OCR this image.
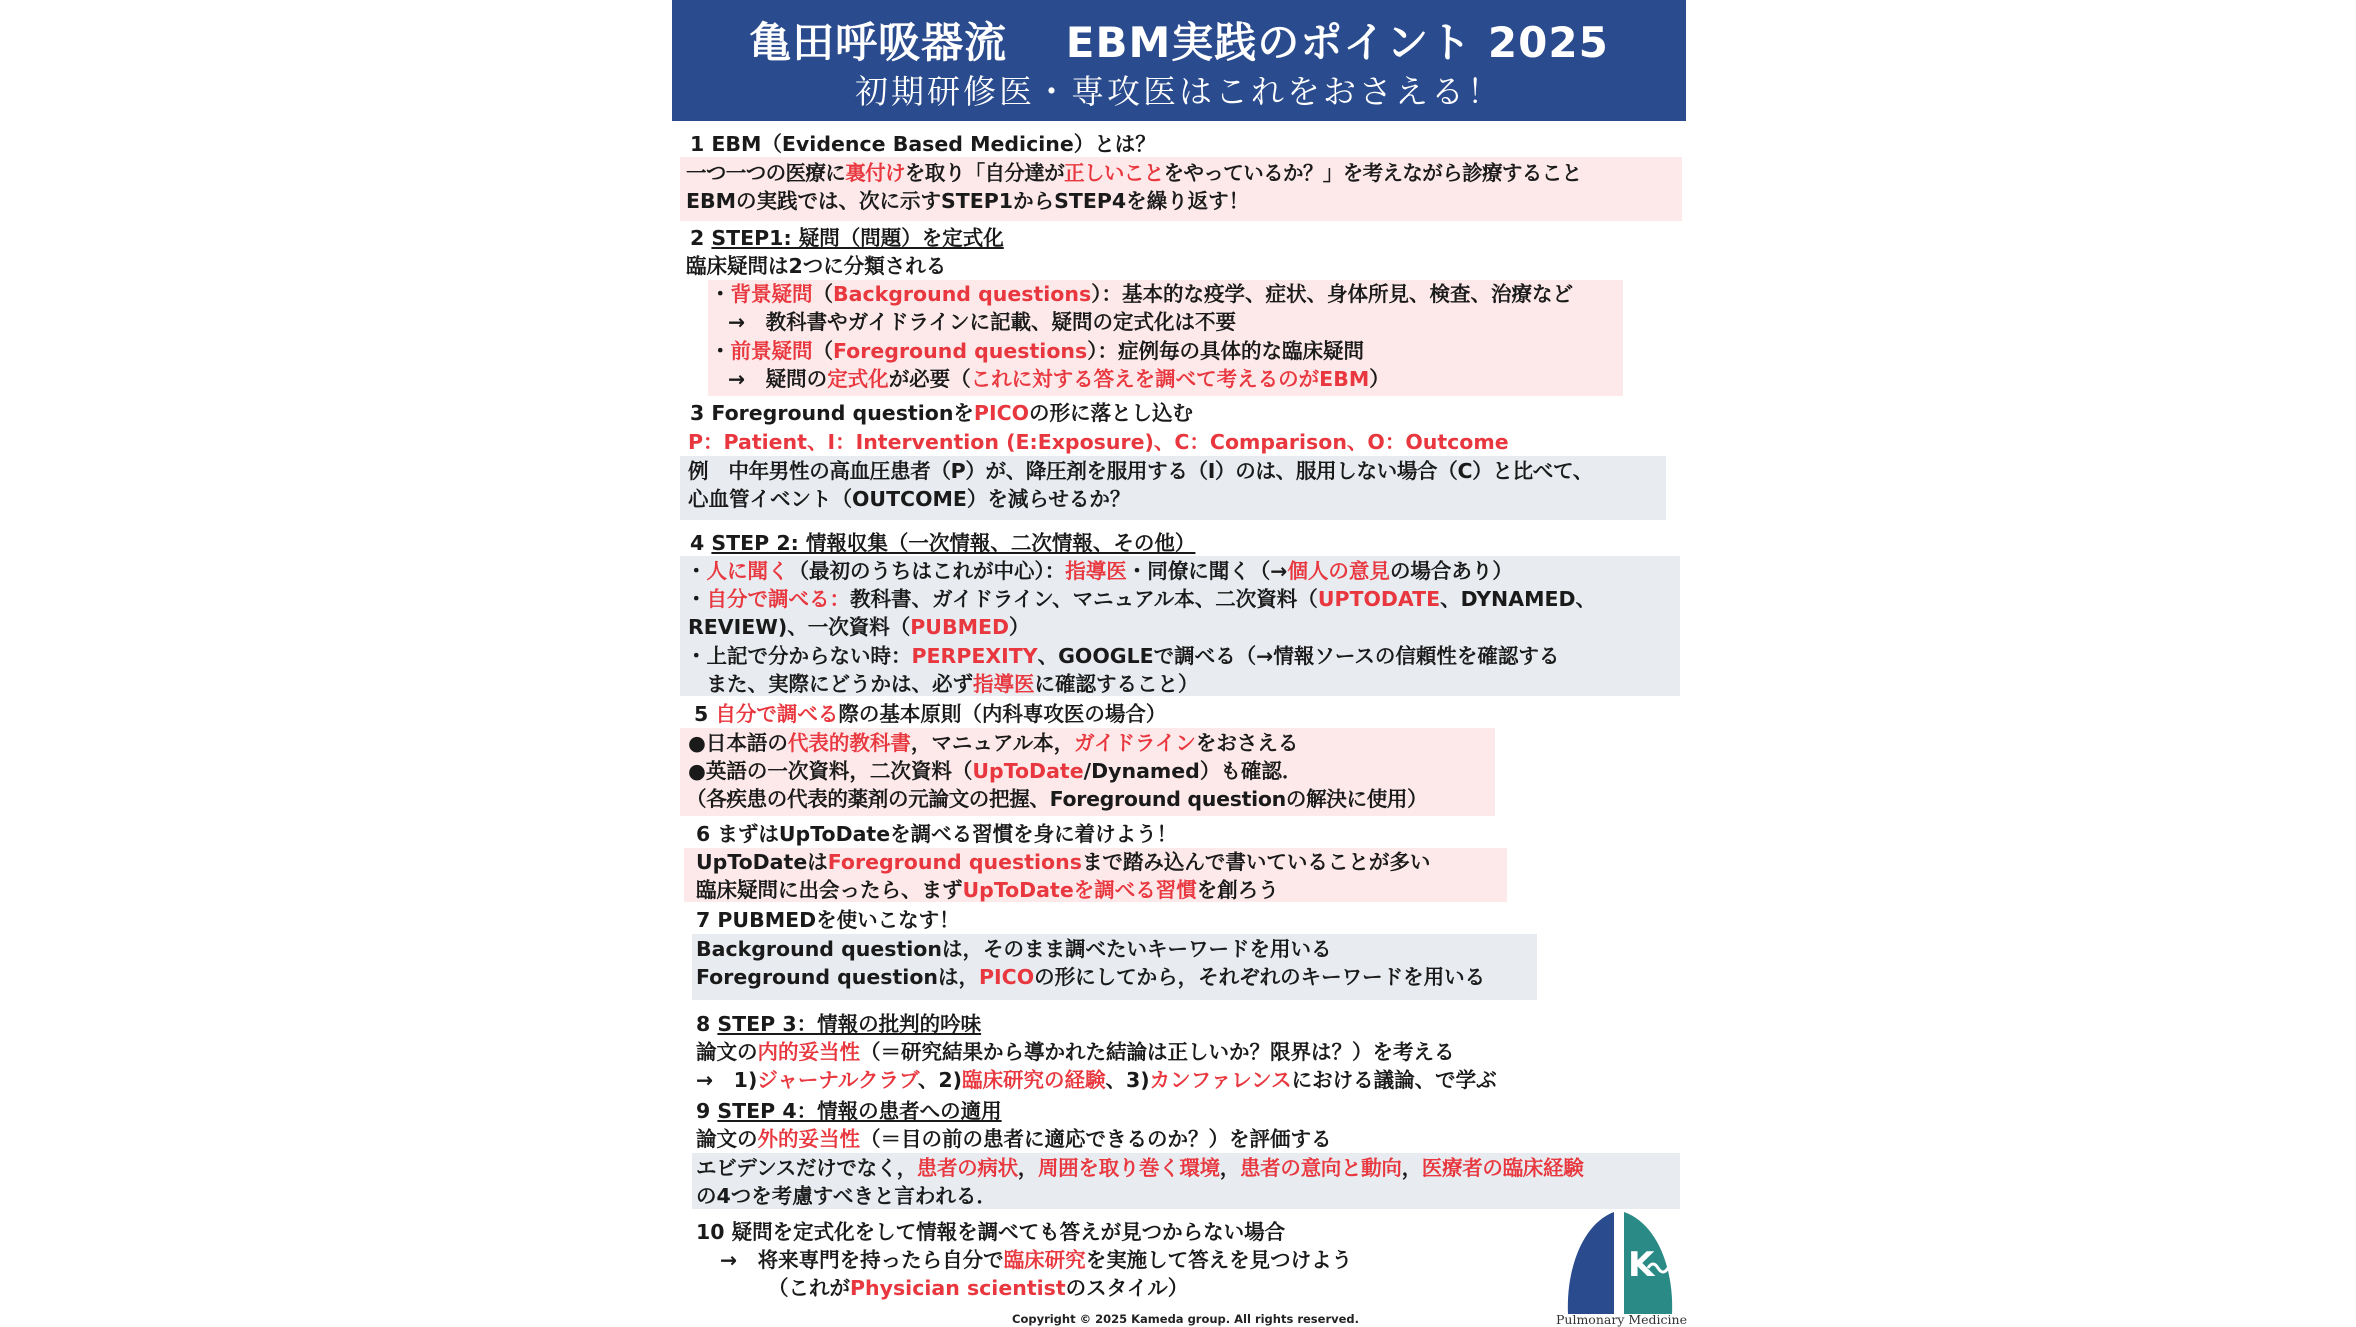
亀田呼吸器流　 EBM実践のポイント 2025
初期研修医・専攻医はこれをおさえる！
1 EBM（Evidence Based Medicine）とは？
一つ一つの医療に裏付けを取り「自分達が正しいことをやっているか？」を考えながら診療すること
EBMの実践では、次に示すSTEP1からSTEP4を繰り返す！
2 STEP1: 疑問（問題）を定式化
臨床疑問は2つに分類される
・背景疑問（Background questions）：基本的な疫学、症状、身体所見、検査、治療など
→　教科書やガイドラインに記載、疑問の定式化は不要
・前景疑問（Foreground questions）：症例毎の具体的な臨床疑問
→　疑問の定式化が必要（これに対する答えを調べて考えるのがEBM）
3 Foreground questionをPICOの形に落とし込む
P：Patient、I：Intervention (E:Exposure)、C：Comparison、O：Outcome
例　中年男性の高血圧患者（P）が、降圧剤を服用する（I）のは、服用しない場合（C）と比べて、
心血管イベント（OUTCOME）を減らせるか？
4 STEP 2: 情報収集（一次情報、二次情報、その他）
・人に聞く（最初のうちはこれが中心）：指導医・同僚に聞く（→個人の意見の場合あり）
・自分で調べる：教科書、ガイドライン、マニュアル本、二次資料（UPTODATE、DYNAMED、
REVIEW)、一次資料（PUBMED）
・上記で分からない時：PERPEXITY、GOOGLEで調べる（→情報ソースの信頼性を確認する
　また、実際にどうかは、必ず指導医に確認すること）
5 自分で調べる際の基本原則（内科専攻医の場合）
●日本語の代表的教科書，マニュアル本，ガイドラインをおさえる
●英語の一次資料，二次資料（UpToDate/Dynamed）も確認．
（各疾患の代表的薬剤の元論文の把握、Foreground questionの解決に使用）
6 まずはUpToDateを調べる習慣を身に着けよう！
UpToDateはForeground questionsまで踏み込んで書いていることが多い
臨床疑問に出会ったら、まずUpToDateを調べる習慣を創ろう
7 PUBMEDを使いこなす！
Background questionは，そのまま調べたいキーワードを用いる
Foreground questionは，PICOの形にしてから，それぞれのキーワードを用いる
8 STEP 3：情報の批判的吟味
論文の内的妥当性（＝研究結果から導かれた結論は正しいか？限界は？）を考える
→　1)ジャーナルクラブ、2)臨床研究の経験、3)カンファレンスにおける議論、で学ぶ
9 STEP 4：情報の患者への適用
論文の外的妥当性（＝目の前の患者に適応できるのか？）を評価する
エビデンスだけでなく，患者の病状，周囲を取り巻く環境，患者の意向と動向，医療者の臨床経験
の4つを考慮すべきと言われる．
10 疑問を定式化をして情報を調べても答えが見つからない場合
→　将来専門を持ったら自分で臨床研究を実施して答えを見つけよう
（これがPhysician scientistのスタイル）
Copyright © 2025 Kameda group. All rights reserved.
K
Pulmonary Medicine
